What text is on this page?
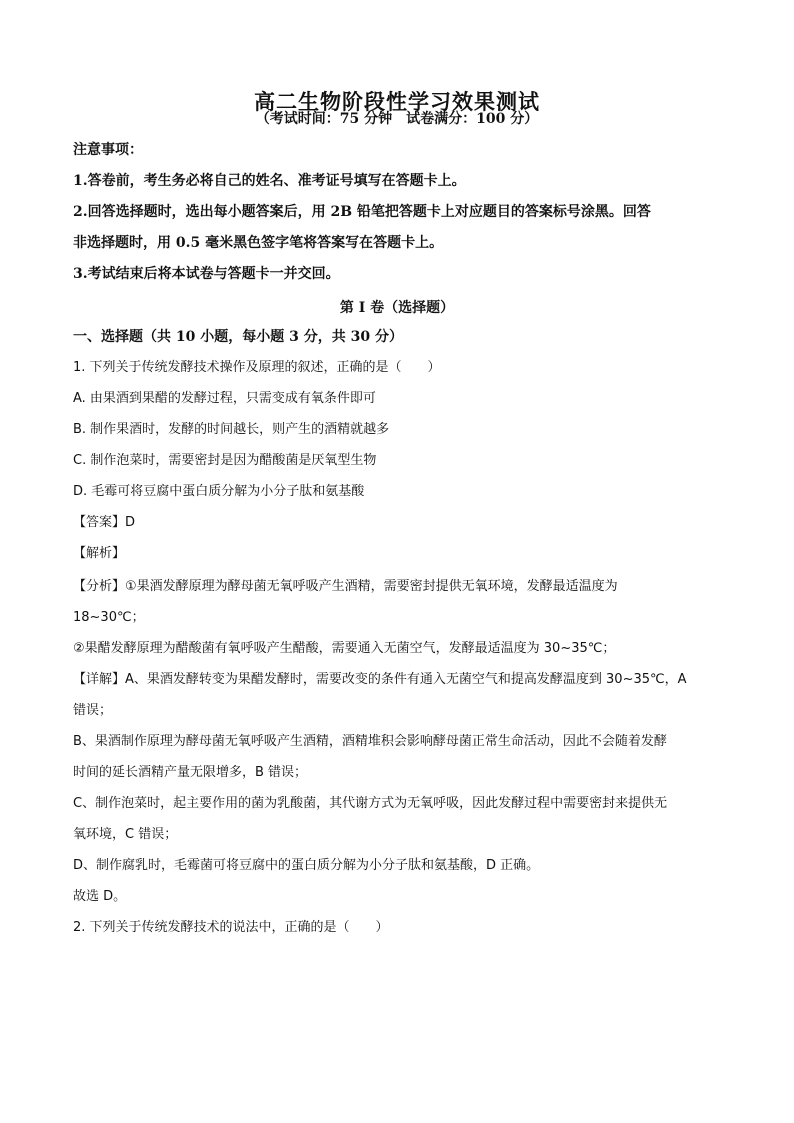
高二生物阶段性学习效果测试
（考试时间：75 分钟　试卷满分：100 分）
注意事项：
1.答卷前，考生务必将自己的姓名、准考证号填写在答题卡上。
2.回答选择题时，选出每小题答案后，用 2B 铅笔把答题卡上对应题目的答案标号涂黑。回答
非选择题时，用 0.5 毫米黑色签字笔将答案写在答题卡上。
3.考试结束后将本试卷与答题卡一并交回。
第 I 卷（选择题）
一、选择题（共 10 小题，每小题 3 分，共 30 分）
1. 下列关于传统发酵技术操作及原理的叙述，正确的是（　　）
A. 由果酒到果醋的发酵过程，只需变成有氧条件即可
B. 制作果酒时，发酵的时间越长，则产生的酒精就越多
C. 制作泡菜时，需要密封是因为醋酸菌是厌氧型生物
D. 毛霉可将豆腐中蛋白质分解为小分子肽和氨基酸
【答案】D
【解析】
【分析】①果酒发酵原理为酵母菌无氧呼吸产生酒精，需要密封提供无氧环境，发酵最适温度为
18~30℃；
②果醋发酵原理为醋酸菌有氧呼吸产生醋酸，需要通入无菌空气，发酵最适温度为 30~35℃；
【详解】A、果酒发酵转变为果醋发酵时，需要改变的条件有通入无菌空气和提高发酵温度到 30~35℃，A
错误；
B、果酒制作原理为酵母菌无氧呼吸产生酒精，酒精堆积会影响酵母菌正常生命活动，因此不会随着发酵
时间的延长酒精产量无限增多，B 错误；
C、制作泡菜时，起主要作用的菌为乳酸菌，其代谢方式为无氧呼吸，因此发酵过程中需要密封来提供无
氧环境，C 错误；
D、制作腐乳时，毛霉菌可将豆腐中的蛋白质分解为小分子肽和氨基酸，D 正确。
故选 D。
2. 下列关于传统发酵技术的说法中，正确的是（　　）
